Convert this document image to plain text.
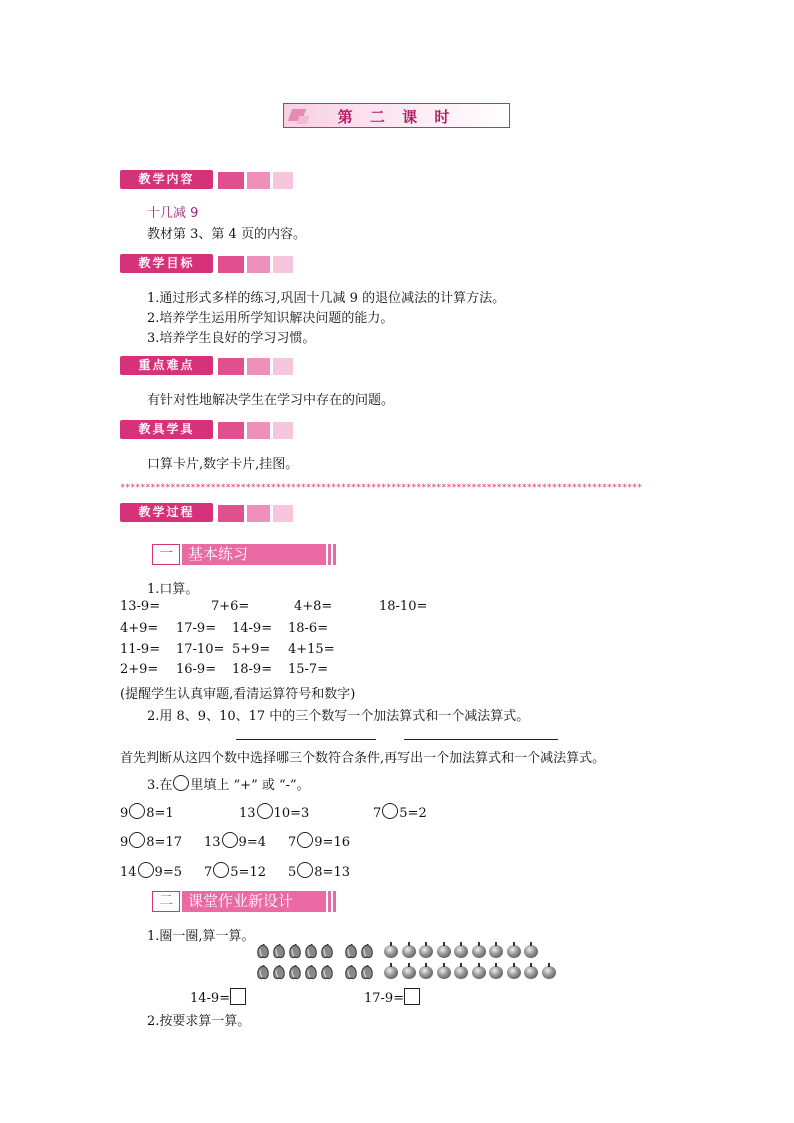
第 二 课 时
教学内容
十几减 9
教材第 3、第 4 页的内容。
教学目标
1.通过形式多样的练习,巩固十几减 9 的退位减法的计算方法。
2.培养学生运用所学知识解决问题的能力。
3.培养学生良好的学习习惯。
重点难点
有针对性地解决学生在学习中存在的问题。
教具学具
口算卡片,数字卡片,挂图。
********************************************************************************************************
教学过程
一	基本练习
1.口算。
13-9=	7+6=	4+8=	18-10=
4+9= 17-9= 14-9= 18-6=
11-9= 17-10= 5+9= 4+15=
2+9= 16-9= 18-9= 15-7=
(提醒学生认真审题,看清运算符号和数字)
2.用 8、9、10、17 中的三个数写一个加法算式和一个减法算式。
首先判断从这四个数中选择哪三个数符合条件,再写出一个加法算式和一个减法算式。
3.在 里填上 “+” 或 “-”。
9 8=1	13 10=3	7 5=2
9 8=17 13 9=4 7 9=16
14 9=5 7 5=12 5 8=13
二	课堂作业新设计
1.圈一圈,算一算。
14-9=	17-9=
2.按要求算一算。
